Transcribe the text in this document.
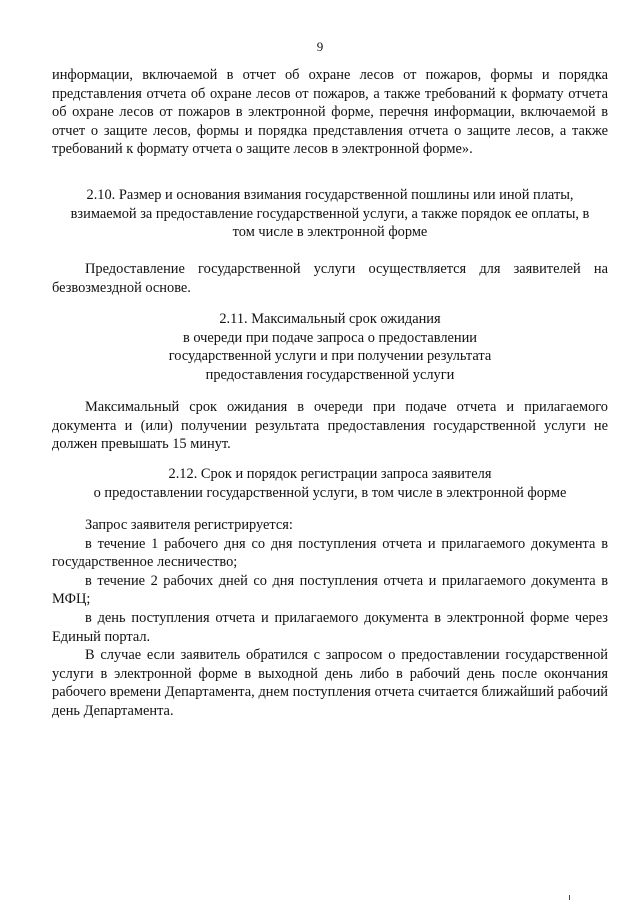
9

информации, включаемой в отчет об охране лесов от пожаров, формы и порядка представления отчета об охране лесов от пожаров, а также требований к формату отчета об охране лесов от пожаров в электронной форме, перечня информации, включаемой в отчет о защите лесов, формы и порядка представления отчета о защите лесов, а также требований к формату отчета о защите лесов в электронной форме».

2.10. Размер и основания взимания государственной пошлины или иной платы,
взимаемой за предоставление государственной услуги, а также порядок ее оплаты, в
том числе в электронной форме

Предоставление государственной услуги осуществляется для заявителей на безвозмездной основе.

2.11. Максимальный срок ожидания
в очереди при подаче запроса о предоставлении
государственной услуги и при получении результата
предоставления государственной услуги

Максимальный срок ожидания в очереди при подаче отчета и прилагаемого документа и (или) получении результата предоставления государственной услуги не должен превышать 15 минут.

2.12. Срок и порядок регистрации запроса заявителя
о предоставлении государственной услуги, в том числе в электронной форме

Запрос заявителя регистрируется:

в течение 1 рабочего дня со дня поступления отчета и прилагаемого документа в государственное лесничество;

в течение 2 рабочих дней со дня поступления отчета и прилагаемого документа в МФЦ;

в день поступления отчета и прилагаемого документа в электронной форме через Единый портал.

В случае если заявитель обратился с запросом о предоставлении государственной услуги в электронной форме в выходной день либо в рабочий день после окончания рабочего времени Департамента, днем поступления отчета считается ближайший рабочий день Департамента.
